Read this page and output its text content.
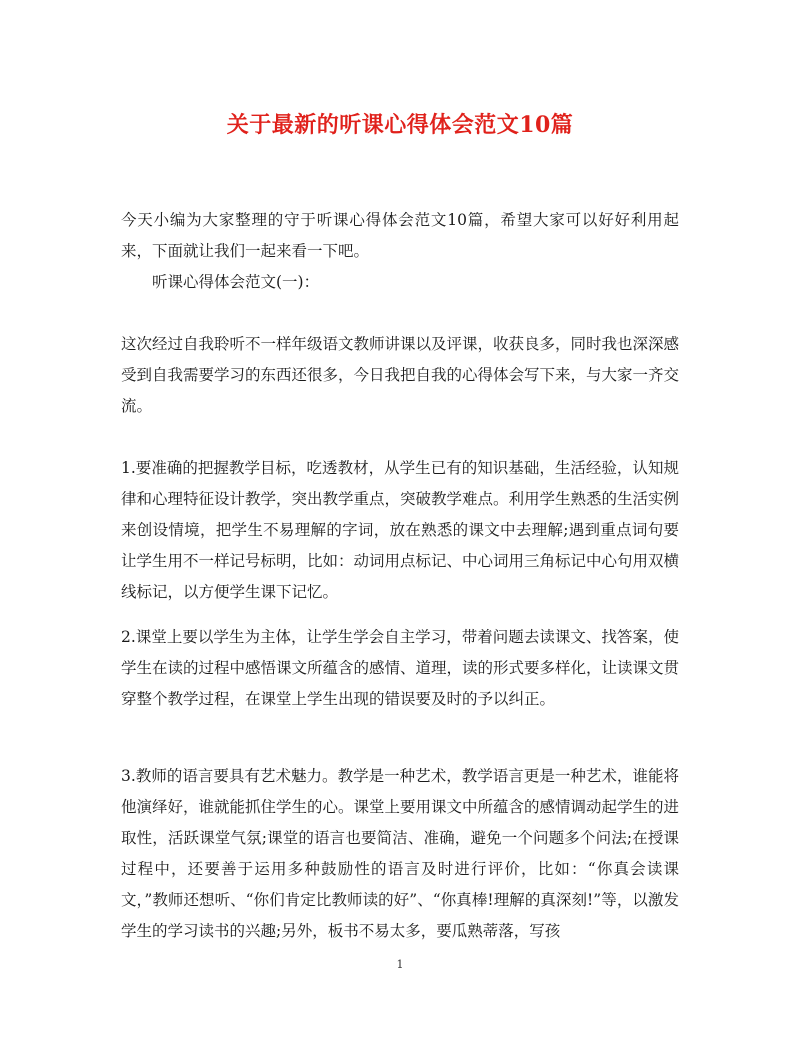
关于最新的听课心得体会范文10篇
今天小编为大家整理的守于听课心得体会范文10篇，希望大家可以好好利用起来，下面就让我们一起来看一下吧。
听课心得体会范文(一)：
这次经过自我聆听不一样年级语文教师讲课以及评课，收获良多，同时我也深深感受到自我需要学习的东西还很多，今日我把自我的心得体会写下来，与大家一齐交流。
1.要准确的把握教学目标，吃透教材，从学生已有的知识基础，生活经验，认知规律和心理特征设计教学，突出教学重点，突破教学难点。利用学生熟悉的生活实例来创设情境，把学生不易理解的字词，放在熟悉的课文中去理解;遇到重点词句要让学生用不一样记号标明，比如：动词用点标记、中心词用三角标记中心句用双横线标记，以方便学生课下记忆。
2.课堂上要以学生为主体，让学生学会自主学习，带着问题去读课文、找答案，使学生在读的过程中感悟课文所蕴含的感情、道理，读的形式要多样化，让读课文贯穿整个教学过程，在课堂上学生出现的错误要及时的予以纠正。
3.教师的语言要具有艺术魅力。教学是一种艺术，教学语言更是一种艺术，谁能将他演绎好，谁就能抓住学生的心。课堂上要用课文中所蕴含的感情调动起学生的进取性，活跃课堂气氛;课堂的语言也要简洁、准确，避免一个问题多个问法;在授课过程中，还要善于运用多种鼓励性的语言及时进行评价，比如：“你真会读课文，”教师还想听、“你们肯定比教师读的好”、“你真棒!理解的真深刻!”等，以激发学生的学习读书的兴趣;另外，板书不易太多，要瓜熟蒂落，写孩
1
